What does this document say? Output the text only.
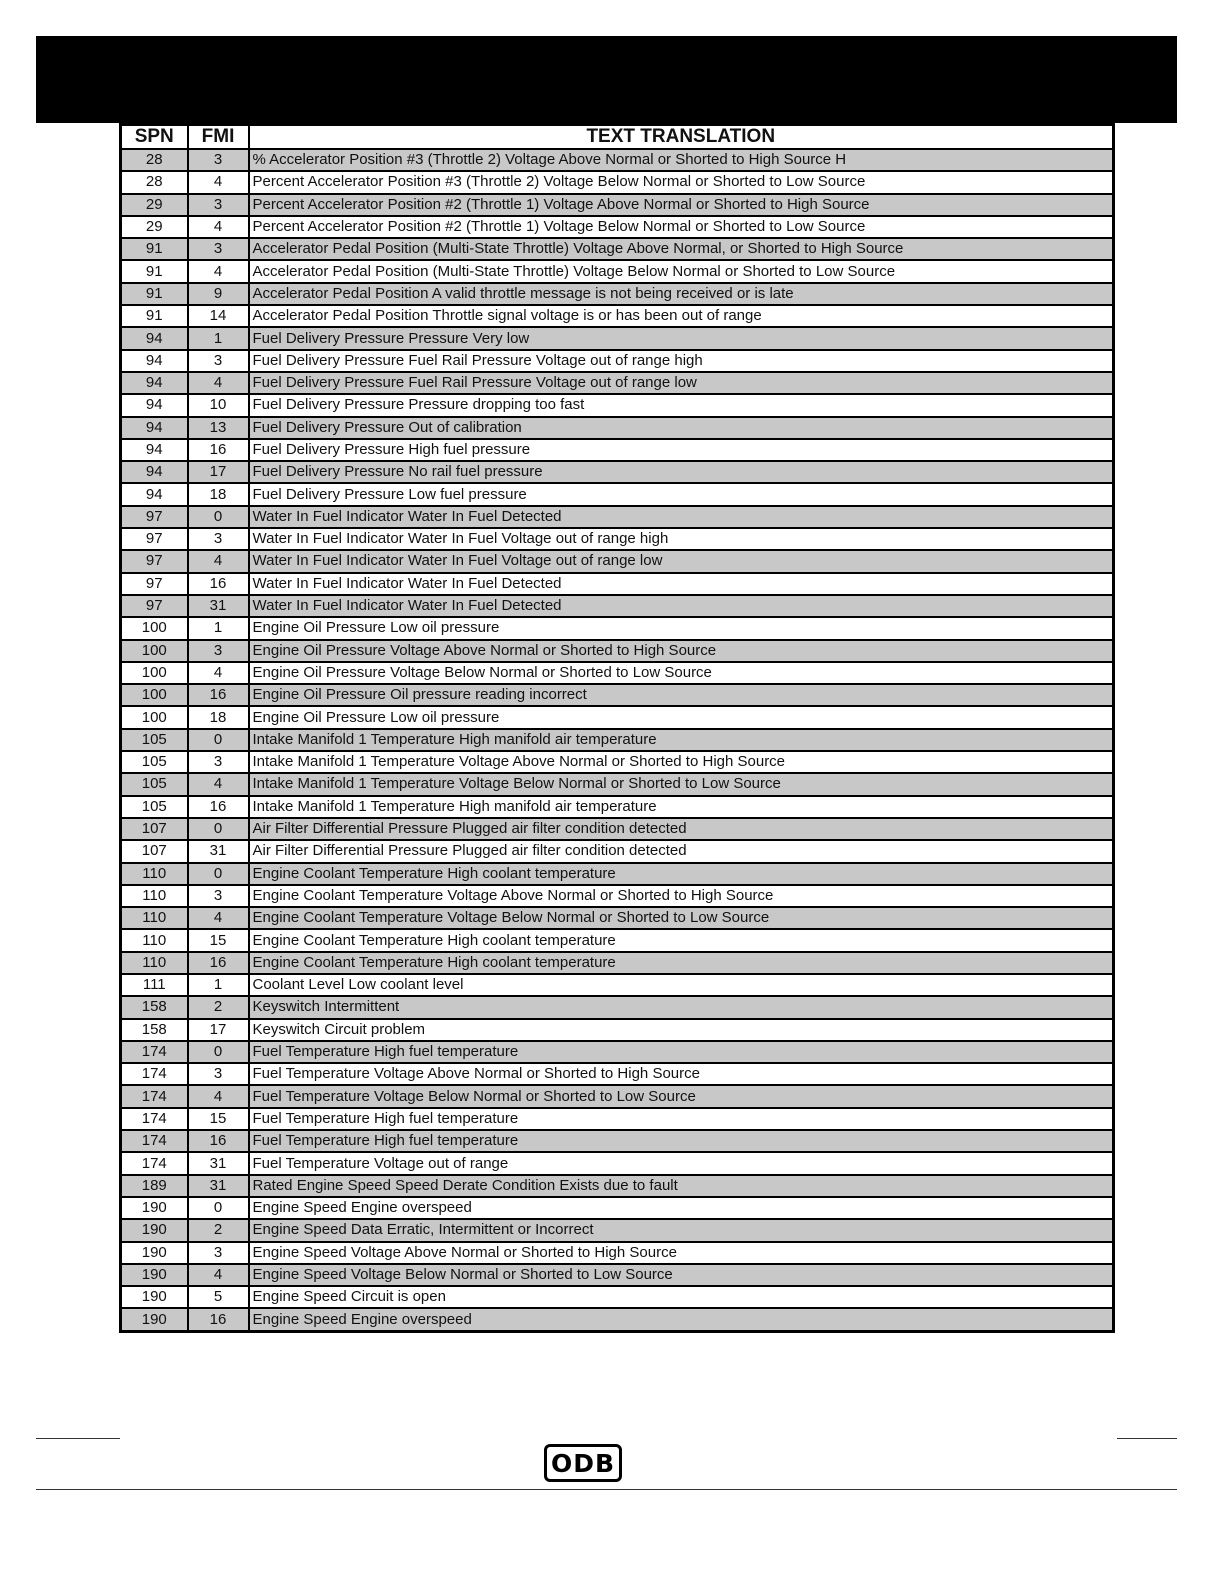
SPN	FMI	TEXT TRANSLATION
28	3	% Accelerator Position #3 (Throttle 2) Voltage Above Normal or Shorted to High Source H
28	4	Percent Accelerator Position #3 (Throttle 2) Voltage Below Normal or Shorted to Low Source
29	3	Percent Accelerator Position #2 (Throttle 1) Voltage Above Normal or Shorted to High Source
29	4	Percent Accelerator Position #2 (Throttle 1) Voltage Below Normal or Shorted to Low Source
91	3	Accelerator Pedal Position (Multi-State Throttle) Voltage Above Normal, or Shorted to High Source
91	4	Accelerator Pedal Position (Multi-State Throttle) Voltage Below Normal or Shorted to Low Source
91	9	Accelerator Pedal Position A valid throttle message is not being received or is late
91	14	Accelerator Pedal Position Throttle signal voltage is or has been out of range
94	1	Fuel Delivery Pressure Pressure Very low
94	3	Fuel Delivery Pressure Fuel Rail Pressure Voltage out of range high
94	4	Fuel Delivery Pressure Fuel Rail Pressure Voltage out of range low
94	10	Fuel Delivery Pressure Pressure dropping too fast
94	13	Fuel Delivery Pressure Out of calibration
94	16	Fuel Delivery Pressure High fuel pressure
94	17	Fuel Delivery Pressure No rail fuel pressure
94	18	Fuel Delivery Pressure Low fuel pressure
97	0	Water In Fuel Indicator Water In Fuel Detected
97	3	Water In Fuel Indicator Water In Fuel Voltage out of range high
97	4	Water In Fuel Indicator Water In Fuel Voltage out of range low
97	16	Water In Fuel Indicator Water In Fuel Detected
97	31	Water In Fuel Indicator Water In Fuel Detected
100	1	Engine Oil Pressure Low oil pressure
100	3	Engine Oil Pressure Voltage Above Normal or Shorted to High Source
100	4	Engine Oil Pressure Voltage Below Normal or Shorted to Low Source
100	16	Engine Oil Pressure Oil pressure reading incorrect
100	18	Engine Oil Pressure Low oil pressure
105	0	Intake Manifold 1 Temperature High manifold air temperature
105	3	Intake Manifold 1 Temperature Voltage Above Normal or Shorted to High Source
105	4	Intake Manifold 1 Temperature Voltage Below Normal or Shorted to Low Source
105	16	Intake Manifold 1 Temperature High manifold air temperature
107	0	Air Filter Differential Pressure Plugged air filter condition detected
107	31	Air Filter Differential Pressure Plugged air filter condition detected
110	0	Engine Coolant Temperature High coolant temperature
110	3	Engine Coolant Temperature Voltage Above Normal or Shorted to High Source
110	4	Engine Coolant Temperature Voltage Below Normal or Shorted to Low Source
110	15	Engine Coolant Temperature High coolant temperature
110	16	Engine Coolant Temperature High coolant temperature
111	1	Coolant Level Low coolant level
158	2	Keyswitch Intermittent
158	17	Keyswitch Circuit problem
174	0	Fuel Temperature High fuel temperature
174	3	Fuel Temperature Voltage Above Normal or Shorted to High Source
174	4	Fuel Temperature Voltage Below Normal or Shorted to Low Source
174	15	Fuel Temperature High fuel temperature
174	16	Fuel Temperature High fuel temperature
174	31	Fuel Temperature Voltage out of range
189	31	Rated Engine Speed Speed Derate Condition Exists due to fault
190	0	Engine Speed Engine overspeed
190	2	Engine Speed Data Erratic, Intermittent or Incorrect
190	3	Engine Speed Voltage Above Normal or Shorted to High Source
190	4	Engine Speed Voltage Below Normal or Shorted to Low Source
190	5	Engine Speed Circuit is open
190	16	Engine Speed Engine overspeed
ODB
